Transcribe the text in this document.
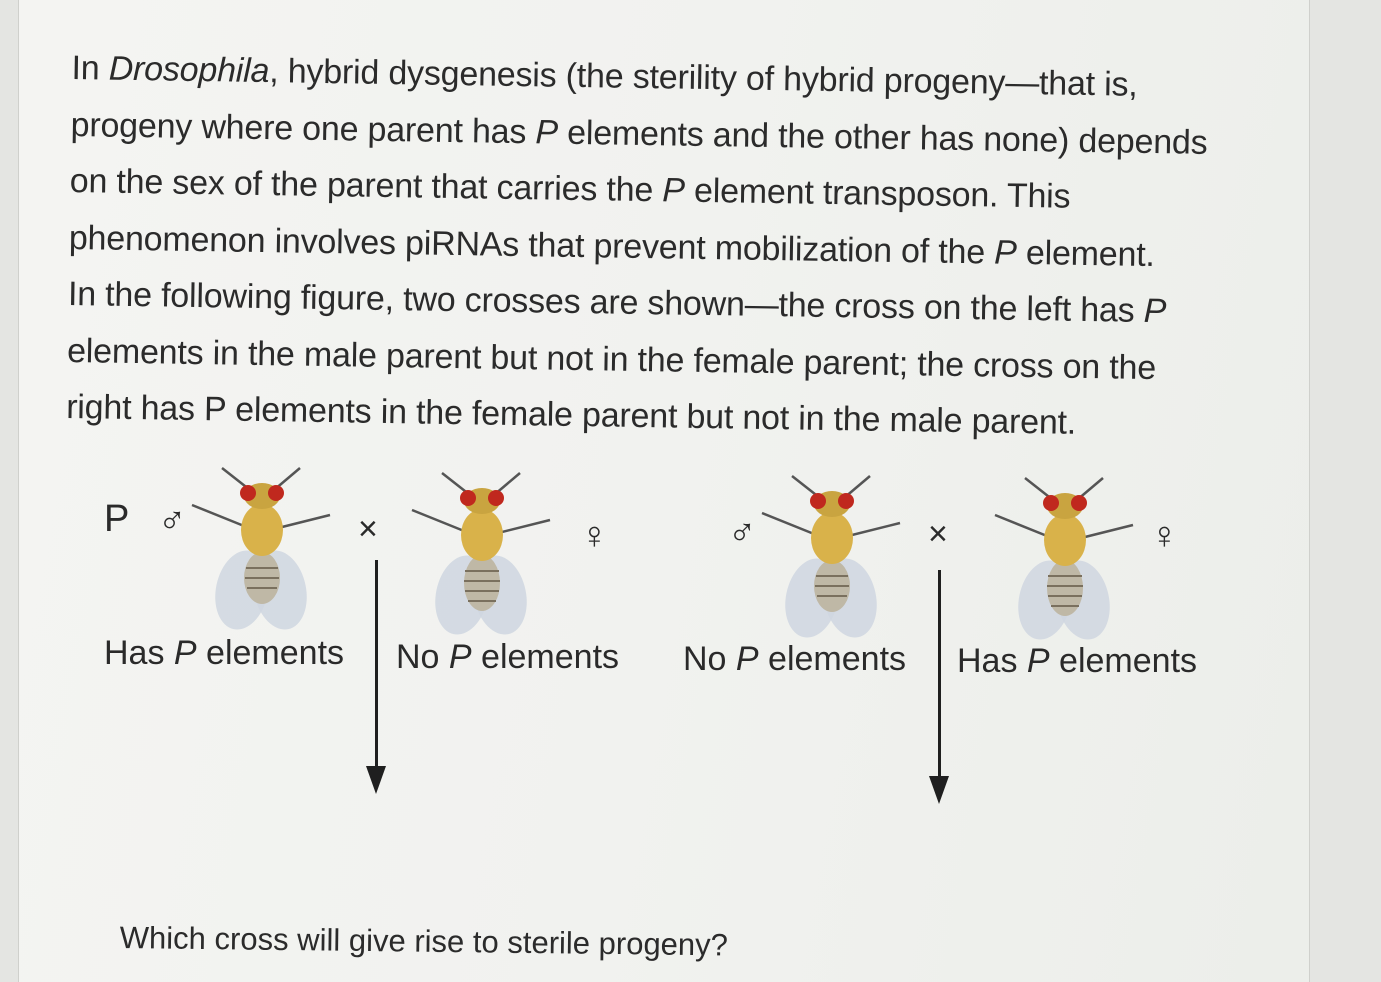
In Drosophila, hybrid dysgenesis (the sterility of hybrid progeny—that is,

progeny where one parent has P elements and the other has none) depends

on the sex of the parent that carries the P element transposon. This

phenomenon involves piRNAs that prevent mobilization of the P element.

In the following figure, two crosses are shown—the cross on the left has P

elements in the male parent but not in the female parent; the cross on the

right has P elements in the female parent but not in the male parent.

P ♂	×	♀
Has P elements No P elements
♂	×	♀
No P elements Has P elements
Which cross will give rise to sterile progeny?
